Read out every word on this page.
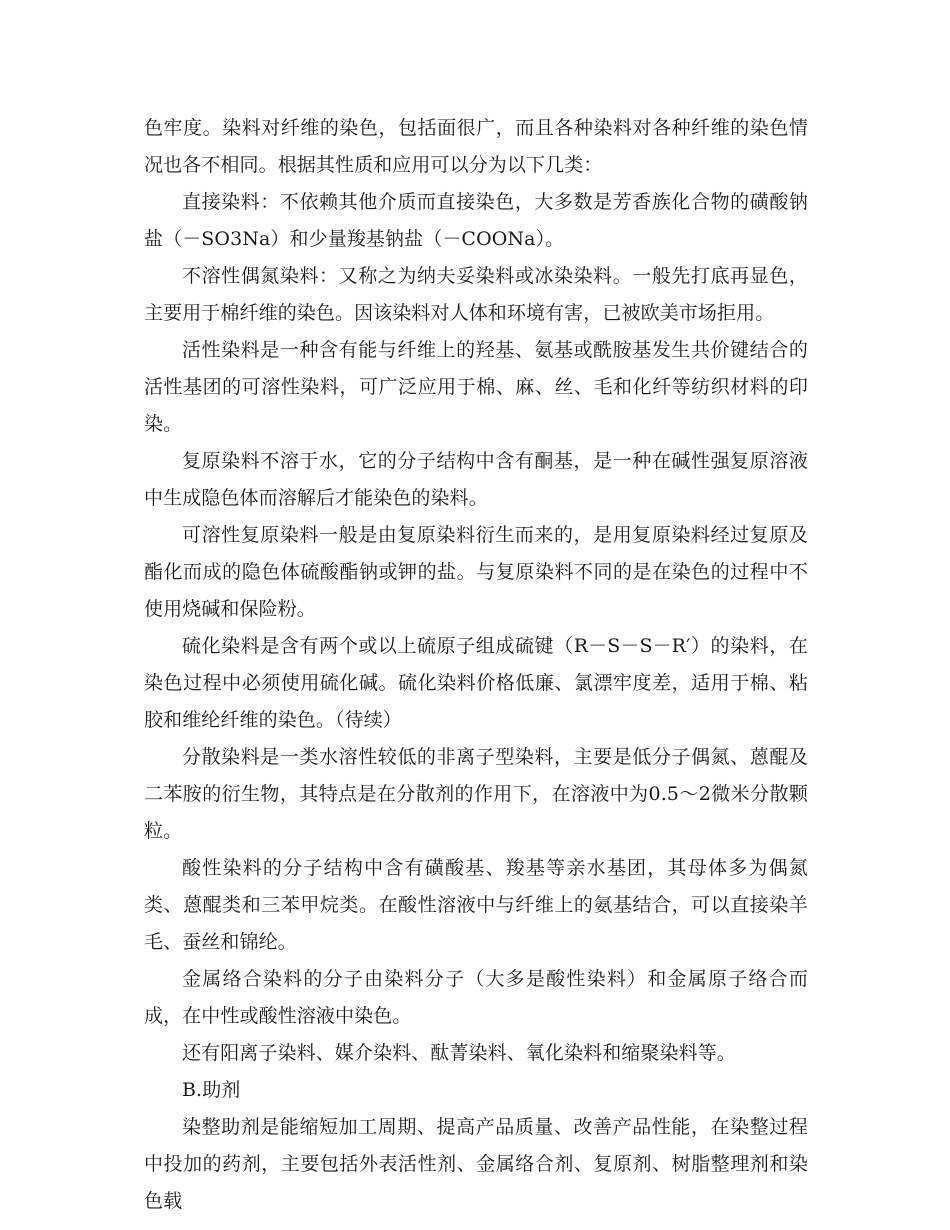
色牢度。染料对纤维的染色，包括面很广，而且各种染料对各种纤维的染色情况也各不相同。根据其性质和应用可以分为以下几类：

直接染料：不依赖其他介质而直接染色，大多数是芳香族化合物的磺酸钠盐（－SO3Na）和少量羧基钠盐（－COONa）。

不溶性偶氮染料：又称之为纳夫妥染料或冰染染料。一般先打底再显色，主要用于棉纤维的染色。因该染料对人体和环境有害，已被欧美市场拒用。

活性染料是一种含有能与纤维上的羟基、氨基或酰胺基发生共价键结合的活性基团的可溶性染料，可广泛应用于棉、麻、丝、毛和化纤等纺织材料的印染。

复原染料不溶于水，它的分子结构中含有酮基，是一种在碱性强复原溶液中生成隐色体而溶解后才能染色的染料。

可溶性复原染料一般是由复原染料衍生而来的，是用复原染料经过复原及酯化而成的隐色体硫酸酯钠或钾的盐。与复原染料不同的是在染色的过程中不使用烧碱和保险粉。

硫化染料是含有两个或以上硫原子组成硫键（R－S－S－R′）的染料，在染色过程中必须使用硫化碱。硫化染料价格低廉、氯漂牢度差，适用于棉、粘胶和维纶纤维的染色。（待续）

分散染料是一类水溶性较低的非离子型染料，主要是低分子偶氮、蒽醌及二苯胺的衍生物，其特点是在分散剂的作用下，在溶液中为0.5～2微米分散颗粒。

酸性染料的分子结构中含有磺酸基、羧基等亲水基团，其母体多为偶氮类、蒽醌类和三苯甲烷类。在酸性溶液中与纤维上的氨基结合，可以直接染羊毛、蚕丝和锦纶。

金属络合染料的分子由染料分子（大多是酸性染料）和金属原子络合而成，在中性或酸性溶液中染色。

还有阳离子染料、媒介染料、酞菁染料、氧化染料和缩聚染料等。

B.助剂

染整助剂是能缩短加工周期、提高产品质量、改善产品性能，在染整过程中投加的药剂，主要包括外表活性剂、金属络合剂、复原剂、树脂整理剂和染色载
